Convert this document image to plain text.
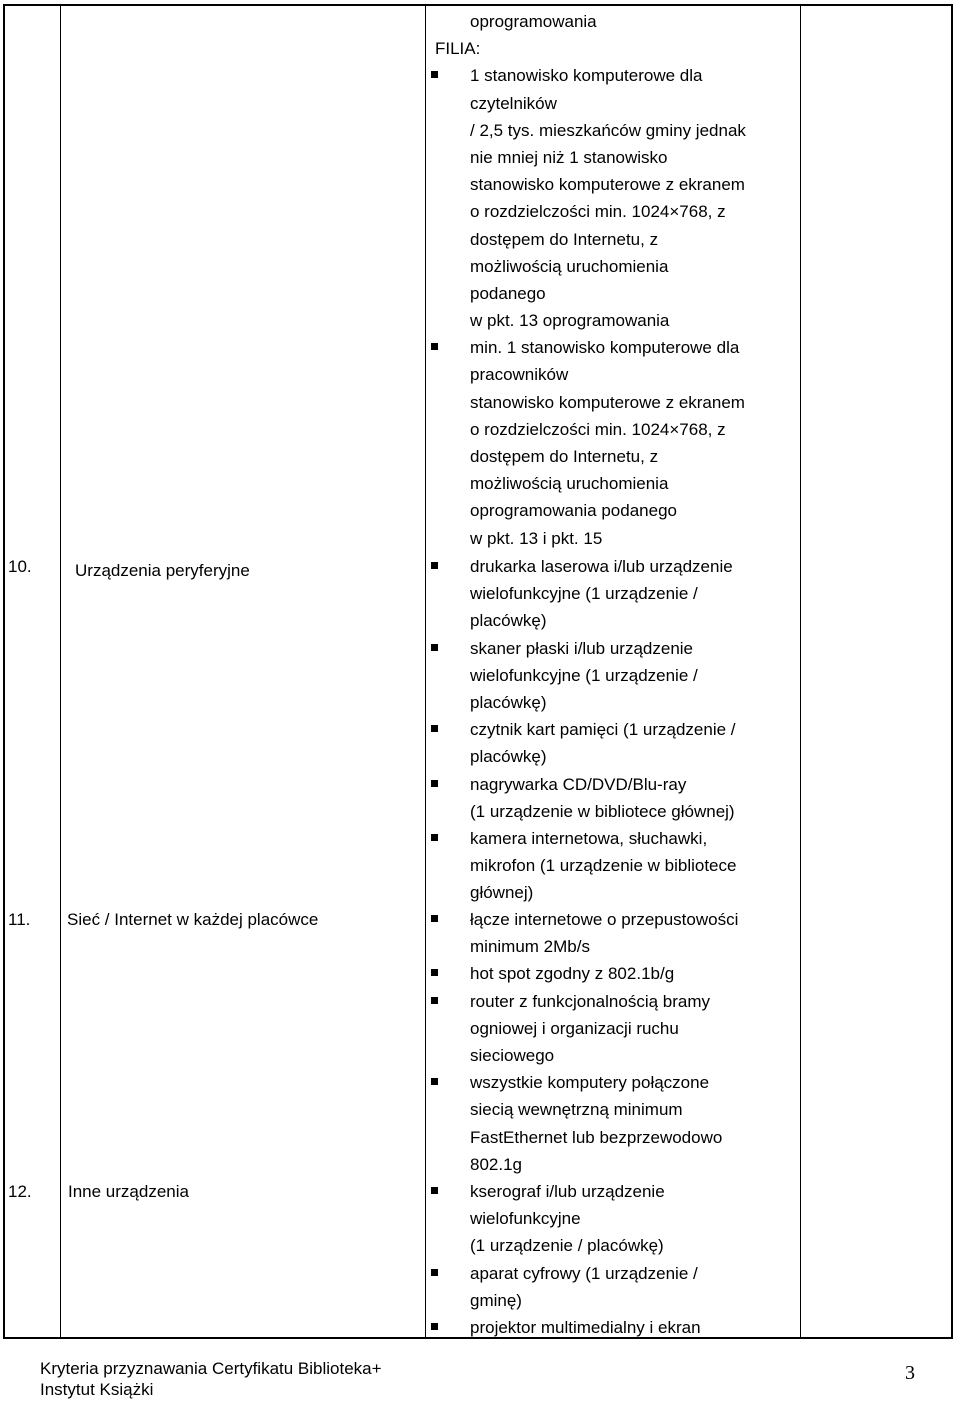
oprogramowania
FILIA:
1 stanowisko komputerowe dla
czytelników
/ 2,5 tys. mieszkańców gminy jednak
nie mniej niż 1 stanowisko
stanowisko komputerowe z ekranem
o rozdzielczości min. 1024×768, z
dostępem do Internetu, z
możliwością uruchomienia
podanego
w pkt. 13 oprogramowania
min. 1 stanowisko komputerowe dla
pracowników
stanowisko komputerowe z ekranem
o rozdzielczości min. 1024×768, z
dostępem do Internetu, z
możliwością uruchomienia
oprogramowania podanego
w pkt. 13 i pkt. 15
10.	Urządzenia peryferyjne	drukarka laserowa i/lub urządzenie
wielofunkcyjne (1 urządzenie /
placówkę)
skaner płaski i/lub urządzenie
wielofunkcyjne (1 urządzenie /
placówkę)
czytnik kart pamięci (1 urządzenie /
placówkę)
nagrywarka CD/DVD/Blu-ray
(1 urządzenie w bibliotece głównej)
kamera internetowa, słuchawki,
mikrofon (1 urządzenie w bibliotece
głównej)
11. Sieć / Internet w każdej placówce	łącze internetowe o przepustowości
minimum 2Mb/s
hot spot zgodny z 802.1b/g
router z funkcjonalnością bramy
ogniowej i organizacji ruchu
sieciowego
wszystkie komputery połączone
siecią wewnętrzną minimum
FastEthernet lub bezprzewodowo
802.1g
12. Inne urządzenia	kserograf i/lub urządzenie
wielofunkcyjne
(1 urządzenie / placówkę)
aparat cyfrowy (1 urządzenie /
gminę)
projektor multimedialny i ekran
Kryteria przyznawania Certyfikatu Biblioteka+
Instytut Książki
3
